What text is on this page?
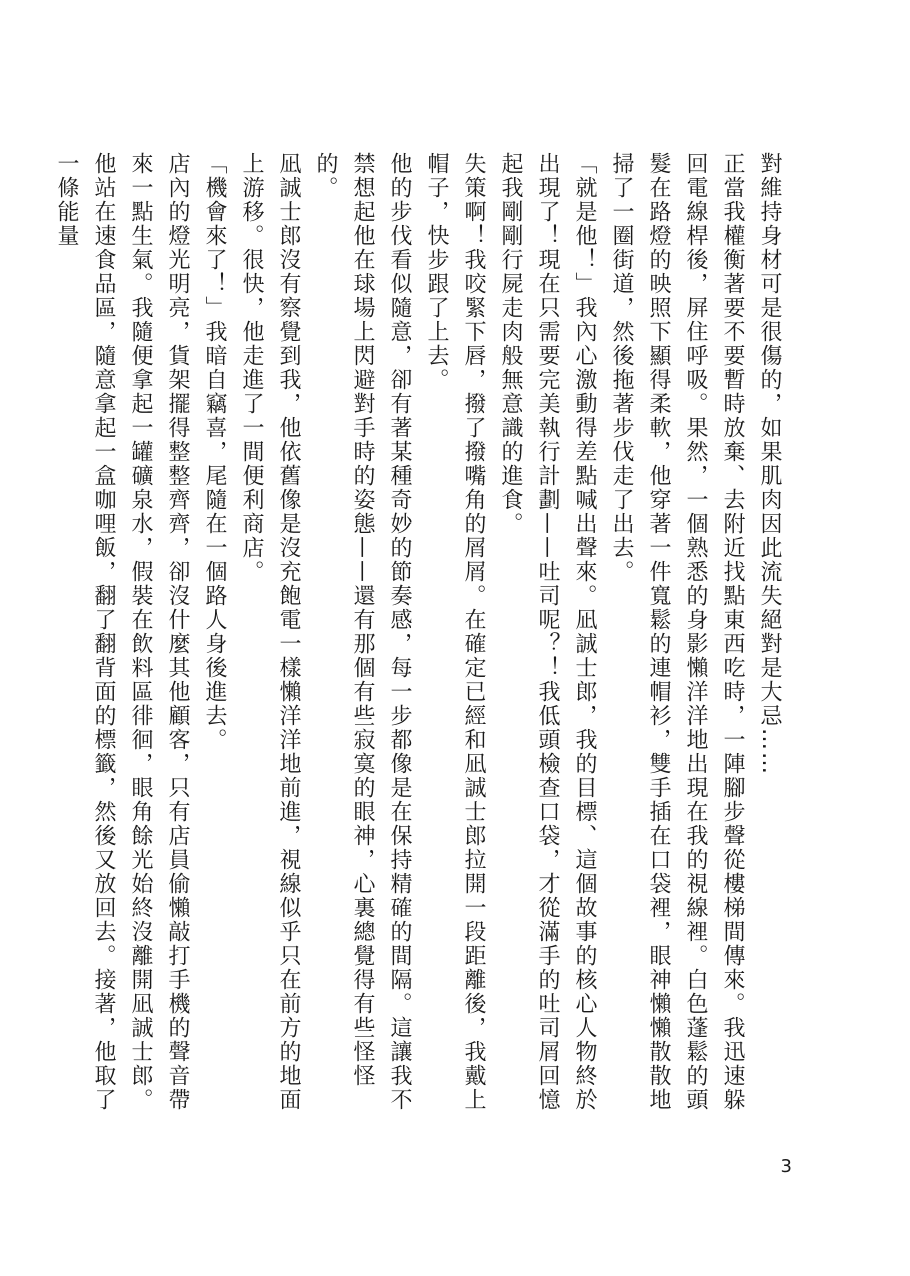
對維持身材可是很傷的，如果肌肉因此流失絕對是大忌……

正當我權衡著要不要暫時放棄、去附近找點東西吃時，一陣腳步聲從樓梯間傳來。我迅速躲回電線桿後，屏住呼吸。果然，一個熟悉的身影懶洋洋地出現在我的視線裡。白色蓬鬆的頭髮在路燈的映照下顯得柔軟，他穿著一件寬鬆的連帽衫，雙手插在口袋裡，眼神懶懶散散地掃了一圈街道，然後拖著步伐走了出去。

「就是他！」我內心激動得差點喊出聲來。凪誠士郎，我的目標、這個故事的核心人物終於出現了！現在只需要完美執行計劃——吐司呢？！我低頭檢查口袋，才從滿手的吐司屑回憶起我剛剛行屍走肉般無意識的進食。

失策啊！我咬緊下唇，撥了撥嘴角的屑屑。在確定已經和凪誠士郎拉開一段距離後，我戴上帽子，快步跟了上去。

他的步伐看似隨意，卻有著某種奇妙的節奏感，每一步都像是在保持精確的間隔。這讓我不禁想起他在球場上閃避對手時的姿態——還有那個有些寂寞的眼神，心裏總覺得有些怪怪的。

凪誠士郎沒有察覺到我，他依舊像是沒充飽電一樣懶洋洋地前進，視線似乎只在前方的地面上游移。很快，他走進了一間便利商店。

「機會來了！」我暗自竊喜，尾隨在一個路人身後進去。

店內的燈光明亮，貨架擺得整整齊齊，卻沒什麼其他顧客，只有店員偷懶敲打手機的聲音帶來一點生氣。我隨便拿起一罐礦泉水，假裝在飲料區徘徊，眼角餘光始終沒離開凪誠士郎。

他站在速食品區，隨意拿起一盒咖哩飯，翻了翻背面的標籤，然後又放回去。接著，他取了一條能量

3
